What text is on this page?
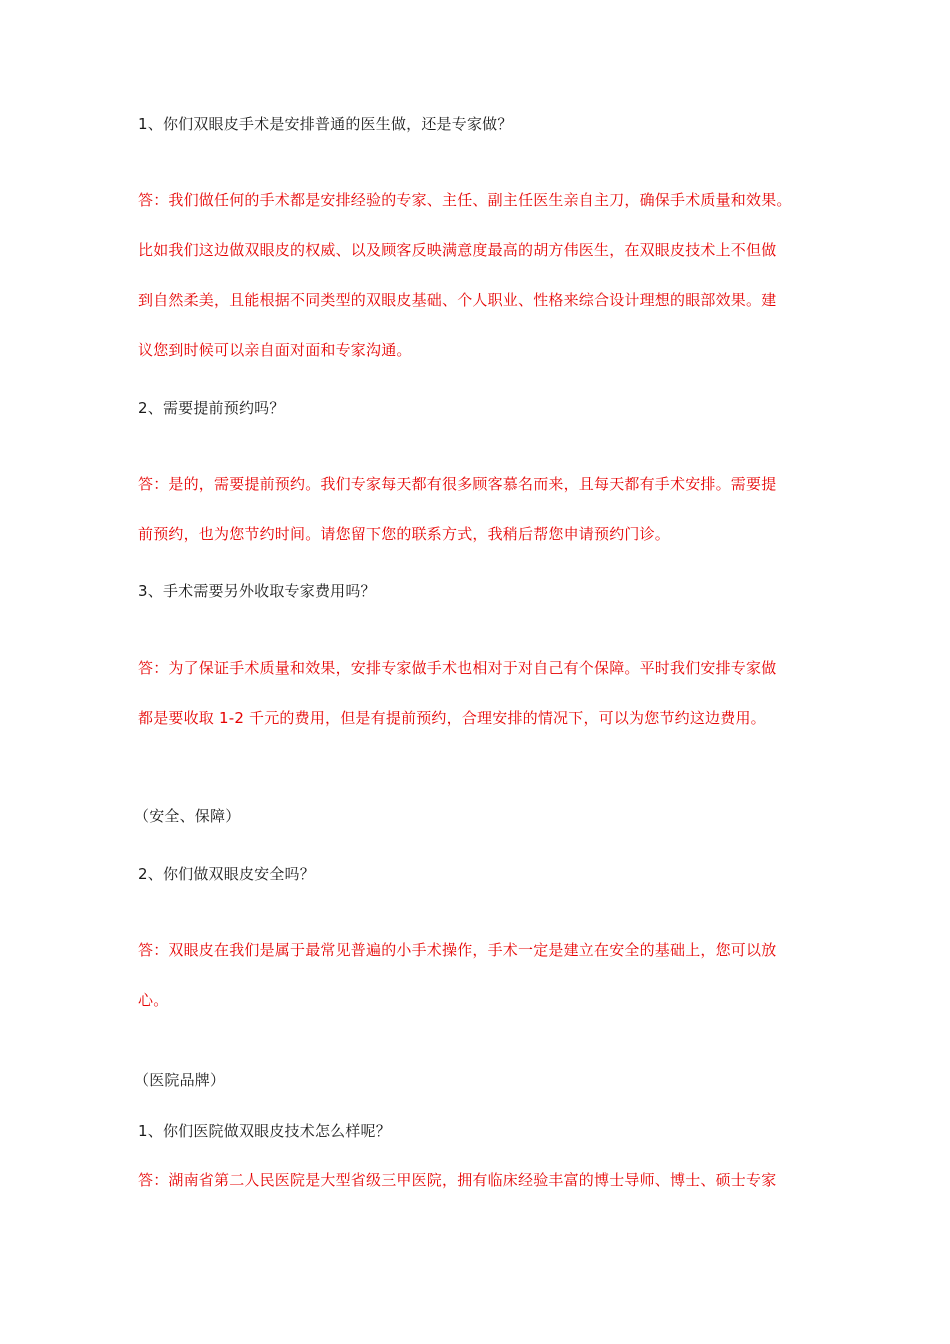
1、你们双眼皮手术是安排普通的医生做，还是专家做？
答：我们做任何的手术都是安排经验的专家、主任、副主任医生亲自主刀，确保手术质量和效果。
比如我们这边做双眼皮的权威、以及顾客反映满意度最高的胡方伟医生，在双眼皮技术上不但做
到自然柔美，且能根据不同类型的双眼皮基础、个人职业、性格来综合设计理想的眼部效果。建
议您到时候可以亲自面对面和专家沟通。
2、需要提前预约吗？
答：是的，需要提前预约。我们专家每天都有很多顾客慕名而来，且每天都有手术安排。需要提
前预约，也为您节约时间。请您留下您的联系方式，我稍后帮您申请预约门诊。
3、手术需要另外收取专家费用吗？
答：为了保证手术质量和效果，安排专家做手术也相对于对自己有个保障。平时我们安排专家做
都是要收取 1-2 千元的费用，但是有提前预约，合理安排的情况下，可以为您节约这边费用。
（安全、保障）
2、你们做双眼皮安全吗？
答：双眼皮在我们是属于最常见普遍的小手术操作，手术一定是建立在安全的基础上，您可以放
心。
（医院品牌）
1、你们医院做双眼皮技术怎么样呢？
答：湖南省第二人民医院是大型省级三甲医院，拥有临床经验丰富的博士导师、博士、硕士专家
